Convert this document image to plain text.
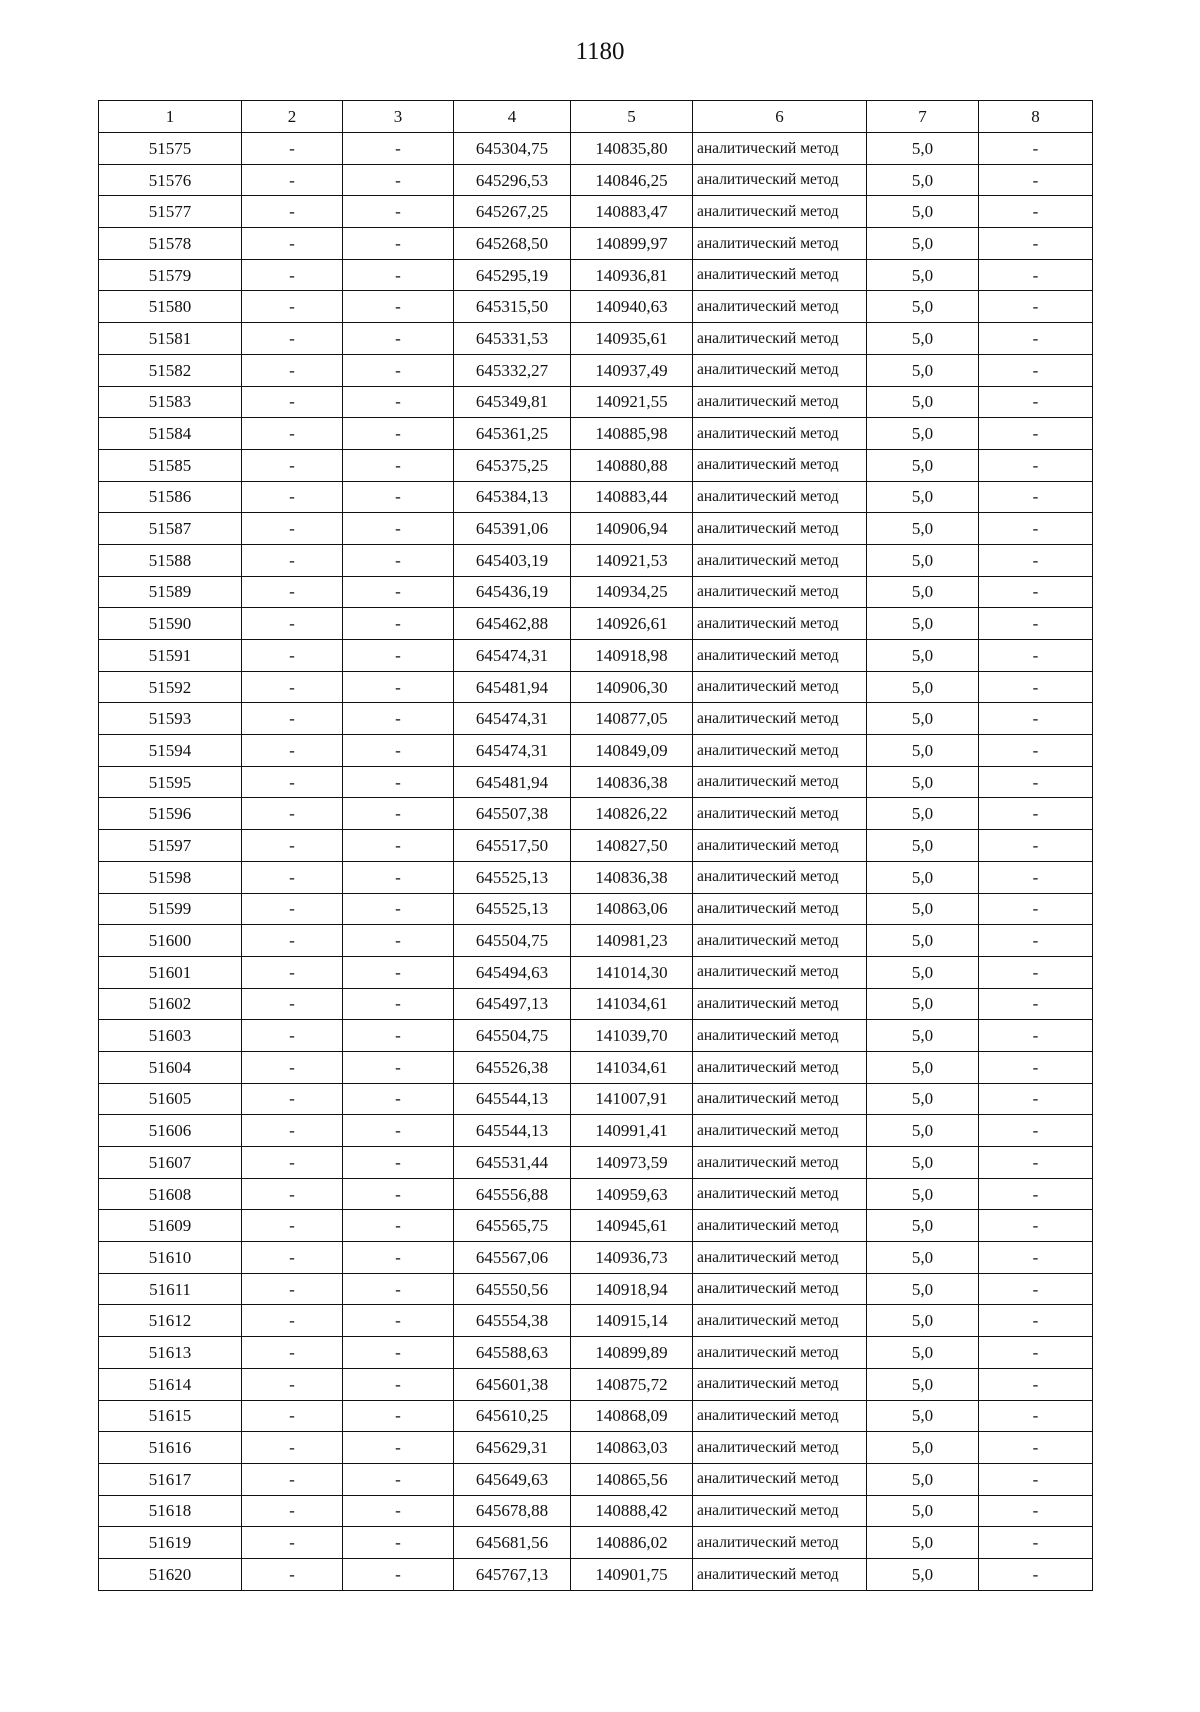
1180
1	2	3	4	5	6	7	8
51575	-	-	645304,75	140835,80	аналитический метод	5,0	-
51576	-	-	645296,53	140846,25	аналитический метод	5,0	-
51577	-	-	645267,25	140883,47	аналитический метод	5,0	-
51578	-	-	645268,50	140899,97	аналитический метод	5,0	-
51579	-	-	645295,19	140936,81	аналитический метод	5,0	-
51580	-	-	645315,50	140940,63	аналитический метод	5,0	-
51581	-	-	645331,53	140935,61	аналитический метод	5,0	-
51582	-	-	645332,27	140937,49	аналитический метод	5,0	-
51583	-	-	645349,81	140921,55	аналитический метод	5,0	-
51584	-	-	645361,25	140885,98	аналитический метод	5,0	-
51585	-	-	645375,25	140880,88	аналитический метод	5,0	-
51586	-	-	645384,13	140883,44	аналитический метод	5,0	-
51587	-	-	645391,06	140906,94	аналитический метод	5,0	-
51588	-	-	645403,19	140921,53	аналитический метод	5,0	-
51589	-	-	645436,19	140934,25	аналитический метод	5,0	-
51590	-	-	645462,88	140926,61	аналитический метод	5,0	-
51591	-	-	645474,31	140918,98	аналитический метод	5,0	-
51592	-	-	645481,94	140906,30	аналитический метод	5,0	-
51593	-	-	645474,31	140877,05	аналитический метод	5,0	-
51594	-	-	645474,31	140849,09	аналитический метод	5,0	-
51595	-	-	645481,94	140836,38	аналитический метод	5,0	-
51596	-	-	645507,38	140826,22	аналитический метод	5,0	-
51597	-	-	645517,50	140827,50	аналитический метод	5,0	-
51598	-	-	645525,13	140836,38	аналитический метод	5,0	-
51599	-	-	645525,13	140863,06	аналитический метод	5,0	-
51600	-	-	645504,75	140981,23	аналитический метод	5,0	-
51601	-	-	645494,63	141014,30	аналитический метод	5,0	-
51602	-	-	645497,13	141034,61	аналитический метод	5,0	-
51603	-	-	645504,75	141039,70	аналитический метод	5,0	-
51604	-	-	645526,38	141034,61	аналитический метод	5,0	-
51605	-	-	645544,13	141007,91	аналитический метод	5,0	-
51606	-	-	645544,13	140991,41	аналитический метод	5,0	-
51607	-	-	645531,44	140973,59	аналитический метод	5,0	-
51608	-	-	645556,88	140959,63	аналитический метод	5,0	-
51609	-	-	645565,75	140945,61	аналитический метод	5,0	-
51610	-	-	645567,06	140936,73	аналитический метод	5,0	-
51611	-	-	645550,56	140918,94	аналитический метод	5,0	-
51612	-	-	645554,38	140915,14	аналитический метод	5,0	-
51613	-	-	645588,63	140899,89	аналитический метод	5,0	-
51614	-	-	645601,38	140875,72	аналитический метод	5,0	-
51615	-	-	645610,25	140868,09	аналитический метод	5,0	-
51616	-	-	645629,31	140863,03	аналитический метод	5,0	-
51617	-	-	645649,63	140865,56	аналитический метод	5,0	-
51618	-	-	645678,88	140888,42	аналитический метод	5,0	-
51619	-	-	645681,56	140886,02	аналитический метод	5,0	-
51620	-	-	645767,13	140901,75	аналитический метод	5,0	-
